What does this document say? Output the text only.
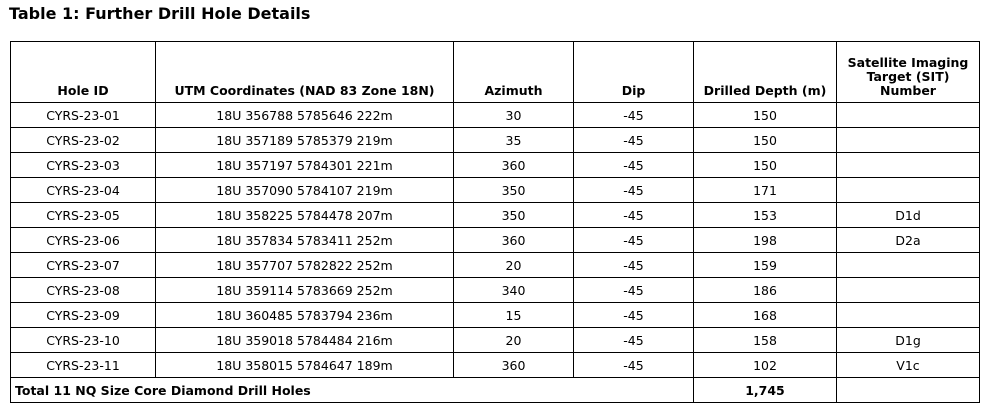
Table 1: Further Drill Hole Details
Hole ID	UTM Coordinates (NAD 83 Zone 18N)	Azimuth	Dip	Drilled Depth (m)	Satellite Imaging Target (SIT) Number
CYRS-23-01	18U 356788 5785646 222m	30	-45	150	
CYRS-23-02	18U 357189 5785379 219m	35	-45	150	
CYRS-23-03	18U 357197 5784301 221m	360	-45	150	
CYRS-23-04	18U 357090 5784107 219m	350	-45	171	
CYRS-23-05	18U 358225 5784478 207m	350	-45	153	D1d
CYRS-23-06	18U 357834 5783411 252m	360	-45	198	D2a
CYRS-23-07	18U 357707 5782822 252m	20	-45	159	
CYRS-23-08	18U 359114 5783669 252m	340	-45	186	
CYRS-23-09	18U 360485 5783794 236m	15	-45	168	
CYRS-23-10	18U 359018 5784484 216m	20	-45	158	D1g
CYRS-23-11	18U 358015 5784647 189m	360	-45	102	V1c
Total 11 NQ Size Core Diamond Drill Holes				1,745	
